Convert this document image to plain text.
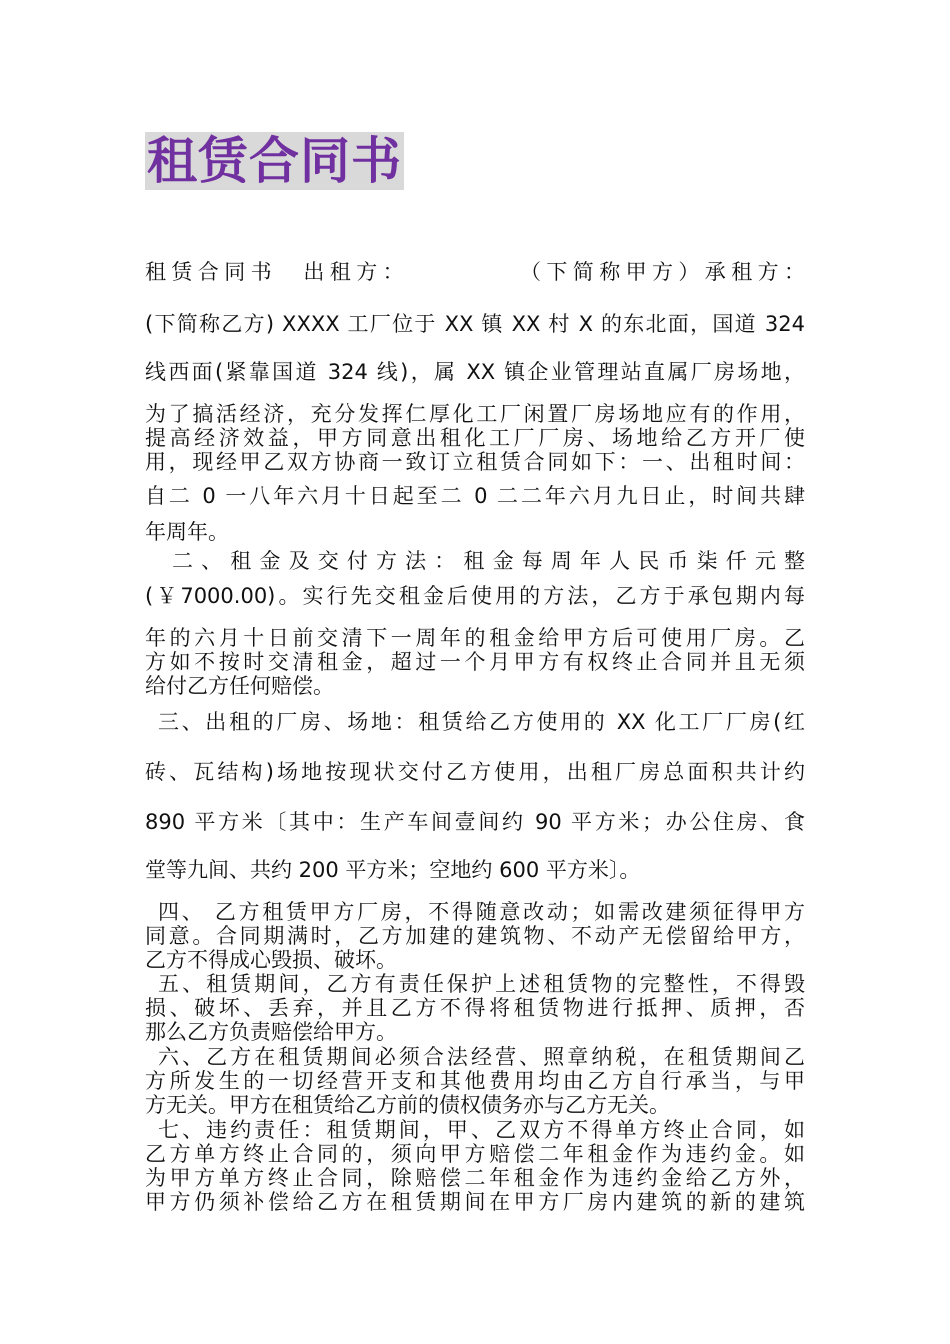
租赁合同书
租赁合同书　出租方：　　　　　（下简称甲方）承租方：
(下简称乙方) XXXX 工厂位于 XX 镇 XX 村 X 的东北面，国道 324
线西面(紧靠国道 324 线)，属 XX 镇企业管理站直属厂房场地，
为了搞活经济，充分发挥仁厚化工厂闲置厂房场地应有的作用，
提高经济效益，甲方同意出租化工厂厂房、场地给乙方开厂使
用，现经甲乙双方协商一致订立租赁合同如下：一、出租时间：
自二 0 一八年六月十日起至二 0 二二年六月九日止，时间共肆
年周年。
二、租金及交付方法：租金每周年人民币柒仟元整
(￥7000.00)。实行先交租金后使用的方法，乙方于承包期内每
年的六月十日前交清下一周年的租金给甲方后可使用厂房。乙
方如不按时交清租金，超过一个月甲方有权终止合同并且无须
给付乙方任何赔偿。
三、出租的厂房、场地：租赁给乙方使用的 XX 化工厂厂房(红
砖、瓦结构)场地按现状交付乙方使用，出租厂房总面积共计约
890 平方米〔其中：生产车间壹间约 90 平方米；办公住房、食
堂等九间、共约 200 平方米；空地约 600 平方米〕。
四、 乙方租赁甲方厂房，不得随意改动；如需改建须征得甲方
同意。合同期满时，乙方加建的建筑物、不动产无偿留给甲方，
乙方不得成心毁损、破坏。
五、租赁期间，乙方有责任保护上述租赁物的完整性，不得毁
损、破坏、丢弃，并且乙方不得将租赁物进行抵押、质押，否
那么乙方负责赔偿给甲方。
六、乙方在租赁期间必须合法经营、照章纳税，在租赁期间乙
方所发生的一切经营开支和其他费用均由乙方自行承当，与甲
方无关。甲方在租赁给乙方前的债权债务亦与乙方无关。
七、违约责任：租赁期间，甲、乙双方不得单方终止合同，如
乙方单方终止合同的，须向甲方赔偿二年租金作为违约金。如
为甲方单方终止合同，除赔偿二年租金作为违约金给乙方外，
甲方仍须补偿给乙方在租赁期间在甲方厂房内建筑的新的建筑
